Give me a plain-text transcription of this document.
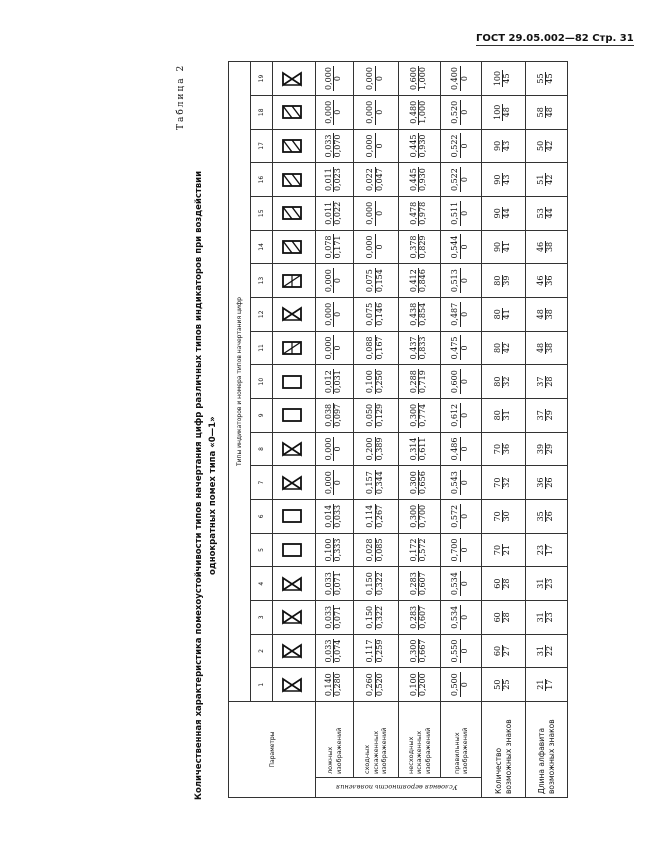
ГОСТ 29.05.002—82 Стр. 31
Таблица 2
Количественная характеристика помехоустойчивости типов начертания цифр различных типов индикаторов при воздействии однократных помех типа «0—1»
Параметры		Типы индикаторов и номера типов начертания цифр																		
		1	2	3	4	5	6	7	8	9	10	11	12	13	14	15	16	17	18	19

Условная вероятность появления	ложных изображений	0,140 0,280	0,033 0,074	0,033 0,071	0,033 0,071	0,100 0,333	0,014 0,033	0,000 0	0,000 0	0,038 0,097	0,012 0,031	0,000 0	0,000 0	0,000 0	0,078 0,171	0,011 0,022	0,011 0,023	0,033 0,070	0,000 0	0,000 0

	сходных искаженных изображений	0,260 0,520	0,117 0,259	0,150 0,322	0,150 0,322	0,028 0,085	0,114 0,267	0,157 0,344	0,200 0,389	0,050 0,129	0,100 0,250	0,088 0,167	0,075 0,146	0,075 0,154	0,000 0	0,000 0	0,022 0,047	0,000 0	0,000 0	0,000 0

	несходных искаженных изображений	0,100 0,200	0,300 0,667	0,283 0,607	0,283 0,607	0,172 0,572	0,300 0,700	0,300 0,656	0,314 0,611	0,300 0,774	0,288 0,719	0,437 0,833	0,438 0,854	0,412 0,846	0,378 0,829	0,478 0,978	0,445 0,930	0,445 0,930	0,480 1,000	0,600 1,000

	правильных изображений	0,500 0	0,550 0	0,534 0	0,534 0	0,700 0	0,572 0	0,543 0	0,486 0	0,612 0	0,600 0	0,475 0	0,487 0	0,513 0	0,544 0	0,511 0	0,522 0	0,522 0	0,520 0	0,400 0

Количество возможных знаков		50 25	60 27	60 28	60 28	70 21	70 30	70 32	70 36	80 31	80 32	80 42	80 41	80 39	90 41	90 44	90 43	90 43	100 48	100 45

Длина алфавита возможных знаков		21 17	31 22	31 23	31 23	23 17	35 26	36 26	39 29	37 29	37 28	48 38	48 38	46 36	46 38	53 44	51 42	50 42	58 48	55 45
